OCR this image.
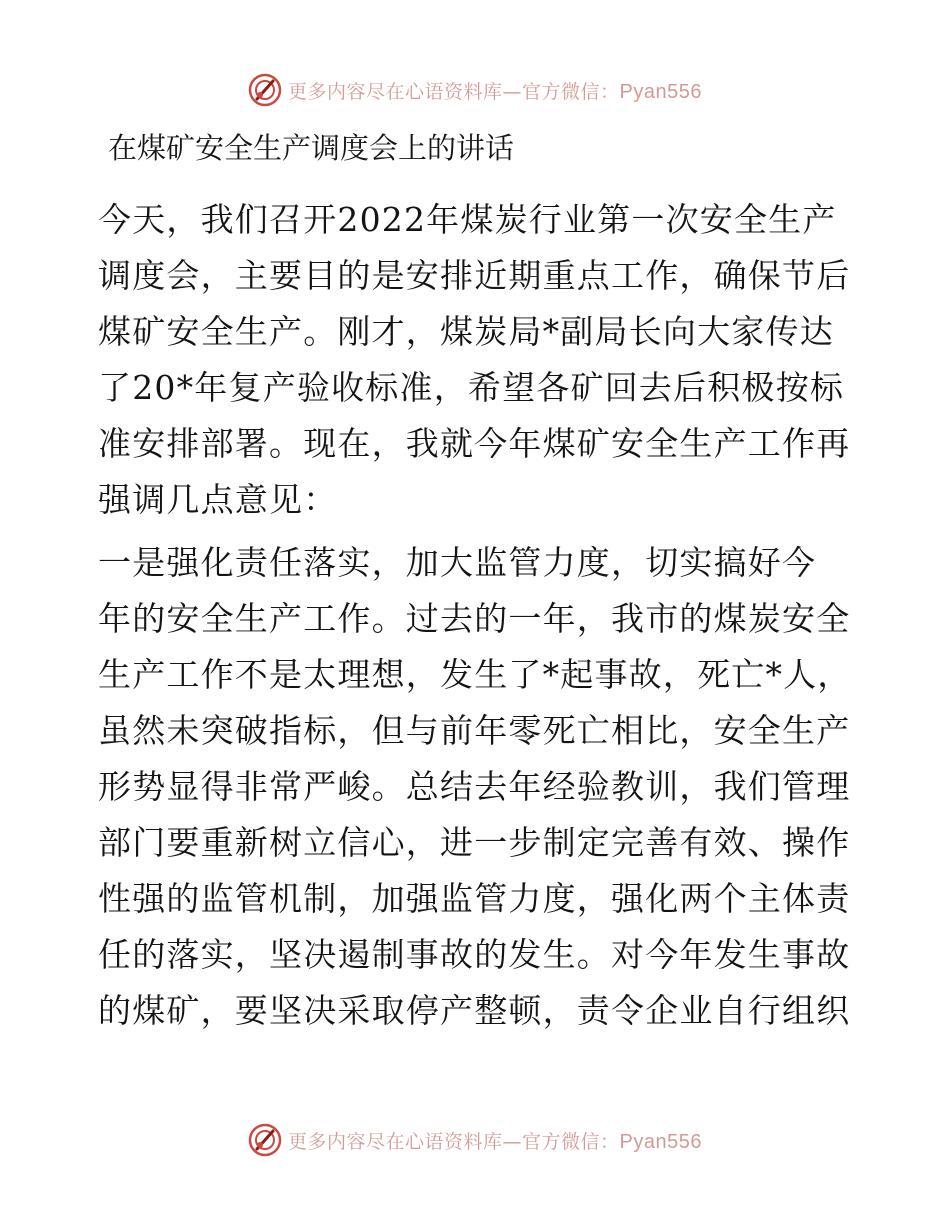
更多内容尽在心语资料库—官方微信：Pyan556
在煤矿安全生产调度会上的讲话

今天，我们召开2022年煤炭行业第一次安全生产
调度会，主要目的是安排近期重点工作，确保节后
煤矿安全生产。刚才，煤炭局*副局长向大家传达
了20*年复产验收标准，希望各矿回去后积极按标
准安排部署。现在，我就今年煤矿安全生产工作再
强调几点意见：

一是强化责任落实，加大监管力度，切实搞好今
年的安全生产工作。过去的一年，我市的煤炭安全
生产工作不是太理想，发生了*起事故，死亡*人，
虽然未突破指标，但与前年零死亡相比，安全生产
形势显得非常严峻。总结去年经验教训，我们管理
部门要重新树立信心，进一步制定完善有效、操作
性强的监管机制，加强监管力度，强化两个主体责
任的落实，坚决遏制事故的发生。对今年发生事故
的煤矿，要坚决采取停产整顿，责令企业自行组织

更多内容尽在心语资料库—官方微信：Pyan556
